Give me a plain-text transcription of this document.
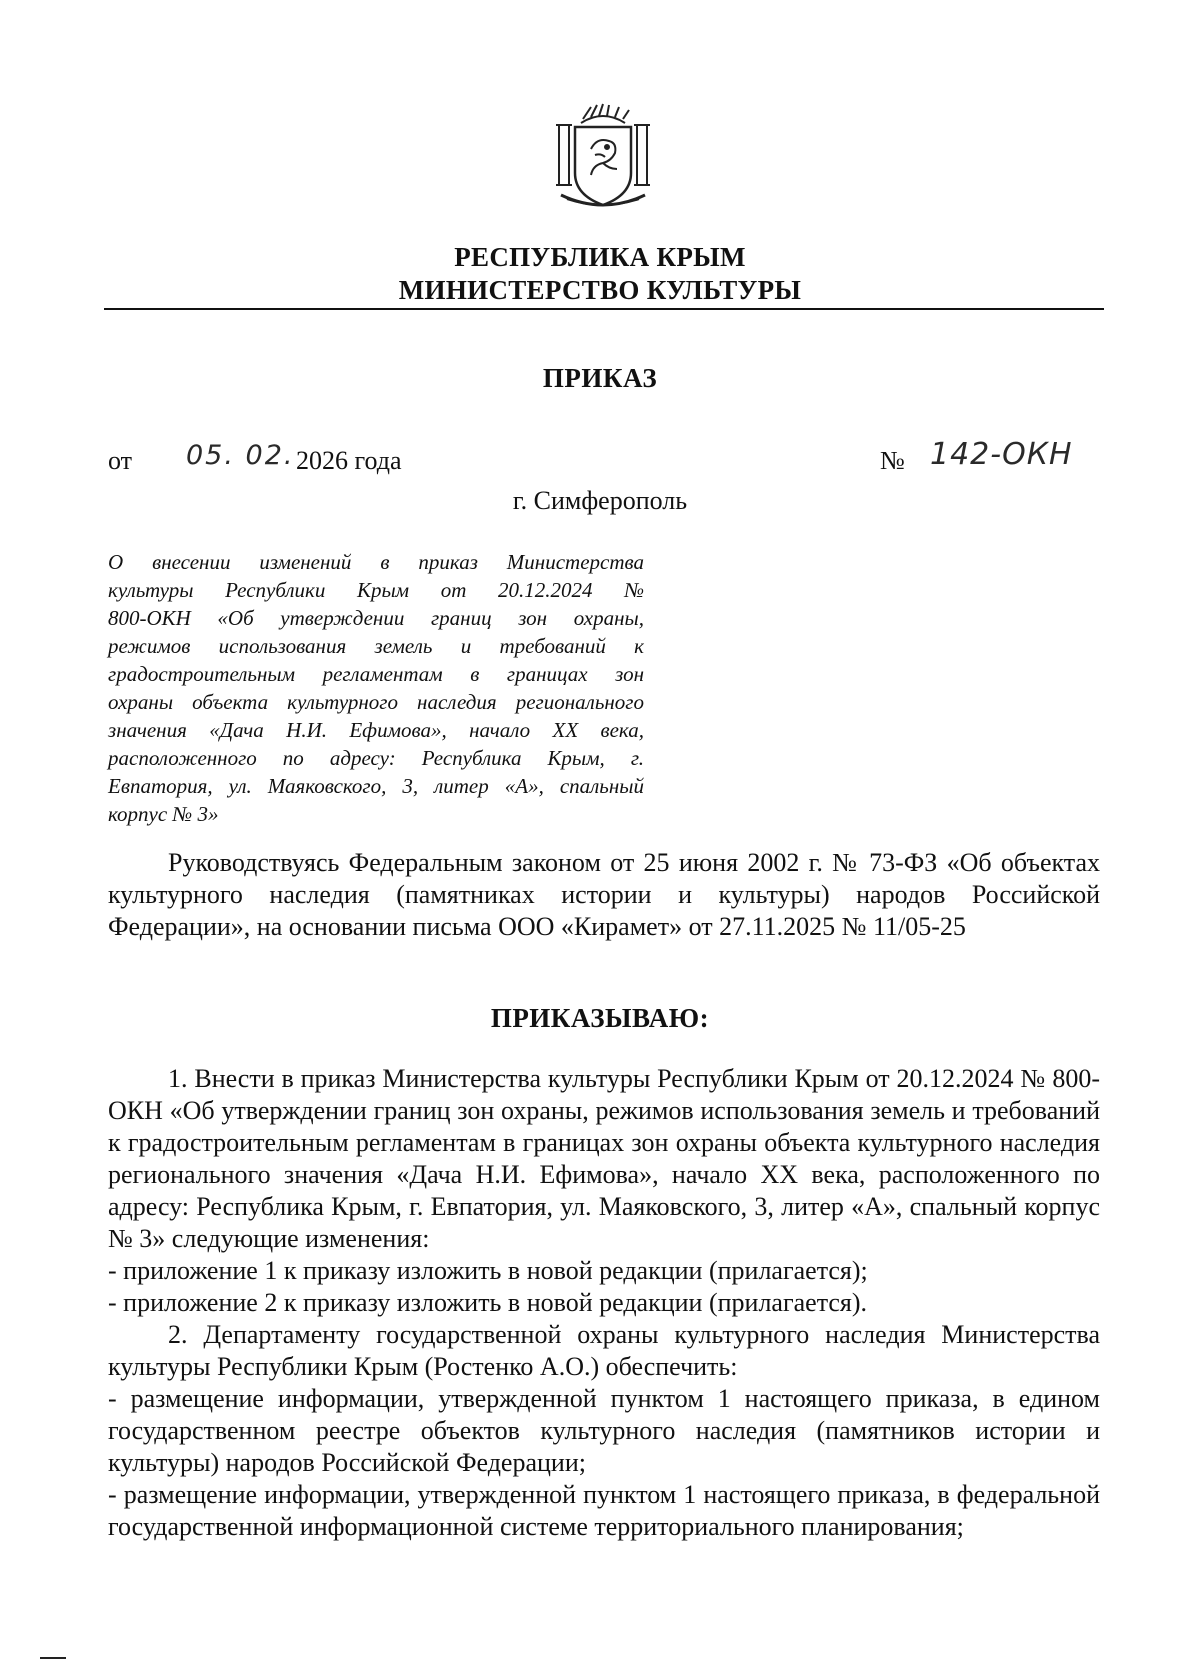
РЕСПУБЛИКА КРЫМ
МИНИСТЕРСТВО КУЛЬТУРЫ
ПРИКАЗ
от 05. 02. 2026 года	№ 142-ОКН
г. Симферополь
О внесении изменений в приказ Министерства
культуры Республики Крым от 20.12.2024 №
800-ОКН «Об утверждении границ зон охраны,
режимов использования земель и требований к
градостроительным регламентам в границах зон
охраны объекта культурного наследия регионального
значения «Дача Н.И. Ефимова», начало XX века,
расположенного по адресу: Республика Крым, г.
Евпатория, ул. Маяковского, 3, литер «А», спальный
корпус № 3»
Руководствуясь Федеральным законом от 25 июня 2002 г. № 73-ФЗ «Об объектах культурного наследия (памятниках истории и культуры) народов Российской Федерации», на основании письма ООО «Кирамет» от 27.11.2025 № 11/05-25
ПРИКАЗЫВАЮ:
1. Внести в приказ Министерства культуры Республики Крым от 20.12.2024 № 800-ОКН «Об утверждении границ зон охраны, режимов использования земель и требований к градостроительным регламентам в границах зон охраны объекта культурного наследия регионального значения «Дача Н.И. Ефимова», начало XX века, расположенного по адресу: Республика Крым, г. Евпатория, ул. Маяковского, 3, литер «А», спальный корпус № 3» следующие изменения:
- приложение 1 к приказу изложить в новой редакции (прилагается);
- приложение 2 к приказу изложить в новой редакции (прилагается).
2. Департаменту государственной охраны культурного наследия Министерства культуры Республики Крым (Ростенко А.О.) обеспечить:
- размещение информации, утвержденной пунктом 1 настоящего приказа, в едином государственном реестре объектов культурного наследия (памятников истории и культуры) народов Российской Федерации;
- размещение информации, утвержденной пунктом 1 настоящего приказа, в федеральной государственной информационной системе территориального планирования;
